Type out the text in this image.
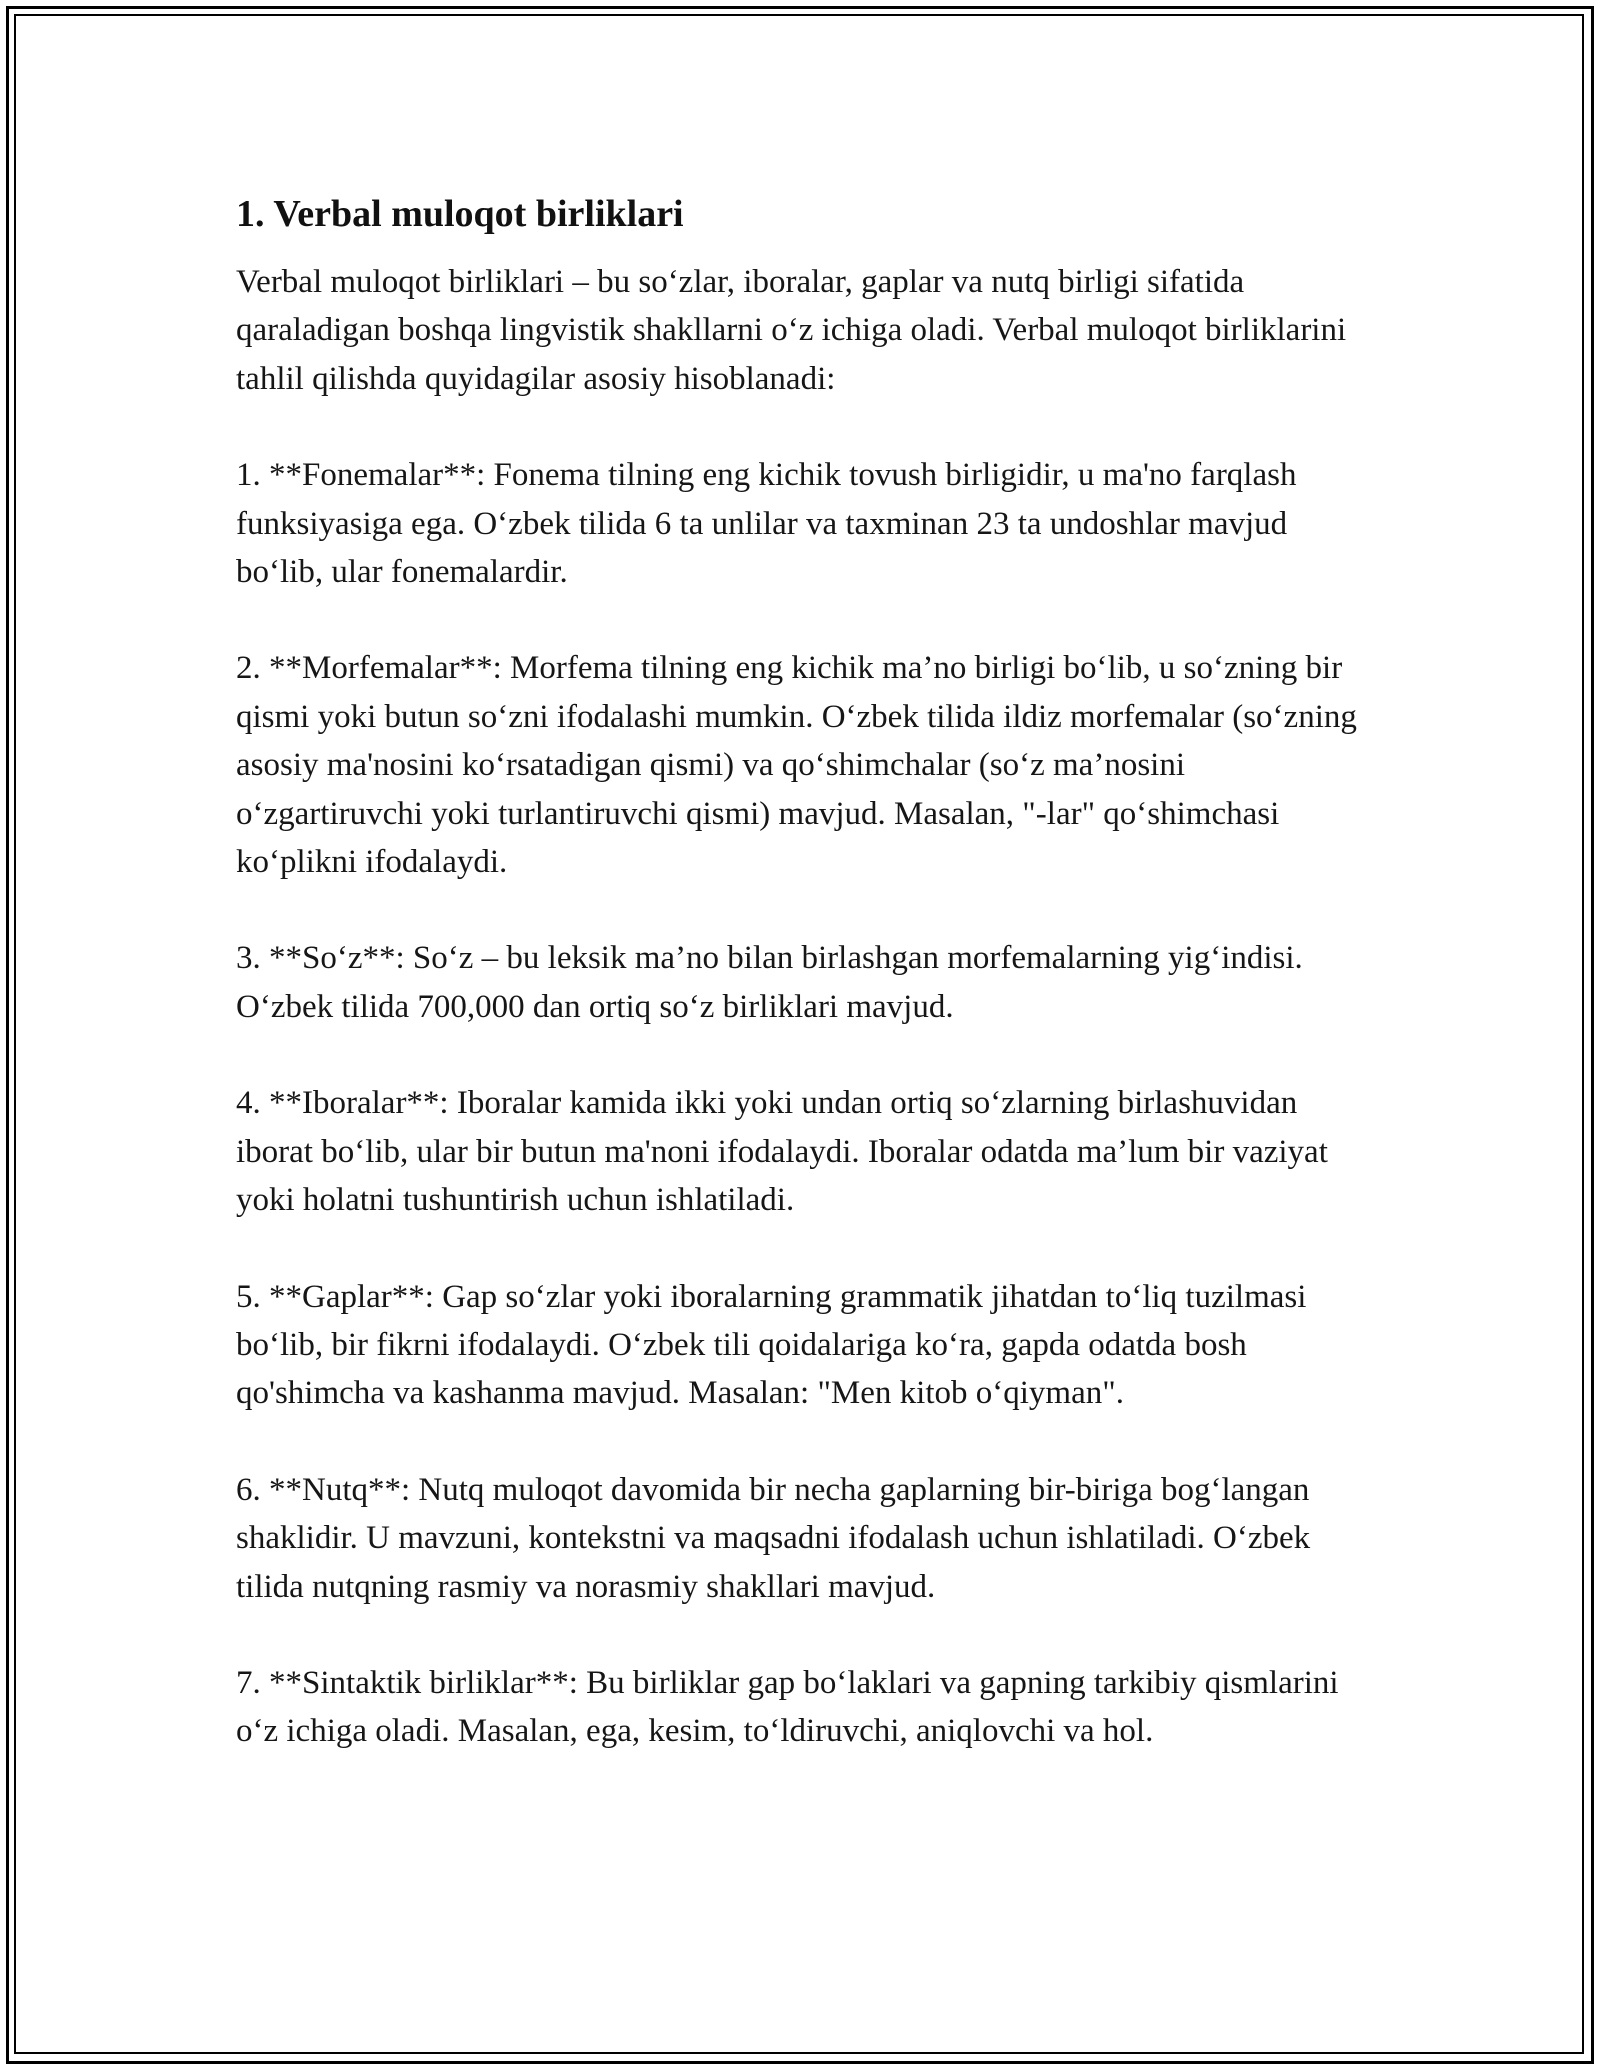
1. Verbal muloqot birliklari

Verbal muloqot birliklari – bu so‘zlar, iboralar, gaplar va nutq birligi sifatida qaraladigan boshqa lingvistik shakllarni o‘z ichiga oladi. Verbal muloqot birliklarini tahlil qilishda quyidagilar asosiy hisoblanadi:

1. **Fonemalar**: Fonema tilning eng kichik tovush birligidir, u ma'no farqlash funksiyasiga ega. O‘zbek tilida 6 ta unlilar va taxminan 23 ta undoshlar mavjud bo‘lib, ular fonemalardir.

2. **Morfemalar**: Morfema tilning eng kichik ma’no birligi bo‘lib, u so‘zning bir qismi yoki butun so‘zni ifodalashi mumkin. O‘zbek tilida ildiz morfemalar (so‘zning asosiy ma'nosini ko‘rsatadigan qismi) va qo‘shimchalar (so‘z ma’nosini o‘zgartiruvchi yoki turlantiruvchi qismi) mavjud. Masalan, "-lar" qo‘shimchasi ko‘plikni ifodalaydi.

3. **So‘z**: So‘z – bu leksik ma’no bilan birlashgan morfemalarning yig‘indisi. O‘zbek tilida 700,000 dan ortiq so‘z birliklari mavjud.

4. **Iboralar**: Iboralar kamida ikki yoki undan ortiq so‘zlarning birlashuvidan iborat bo‘lib, ular bir butun ma'noni ifodalaydi. Iboralar odatda ma’lum bir vaziyat yoki holatni tushuntirish uchun ishlatiladi.

5. **Gaplar**: Gap so‘zlar yoki iboralarning grammatik jihatdan to‘liq tuzilmasi bo‘lib, bir fikrni ifodalaydi. O‘zbek tili qoidalariga ko‘ra, gapda odatda bosh qo'shimcha va kashanma mavjud. Masalan: "Men kitob o‘qiyman".

6. **Nutq**: Nutq muloqot davomida bir necha gaplarning bir-biriga bog‘langan shaklidir. U mavzuni, kontekstni va maqsadni ifodalash uchun ishlatiladi. O‘zbek tilida nutqning rasmiy va norasmiy shakllari mavjud.

7. **Sintaktik birliklar**: Bu birliklar gap bo‘laklari va gapning tarkibiy qismlarini o‘z ichiga oladi. Masalan, ega, kesim, to‘ldiruvchi, aniqlovchi va hol.
